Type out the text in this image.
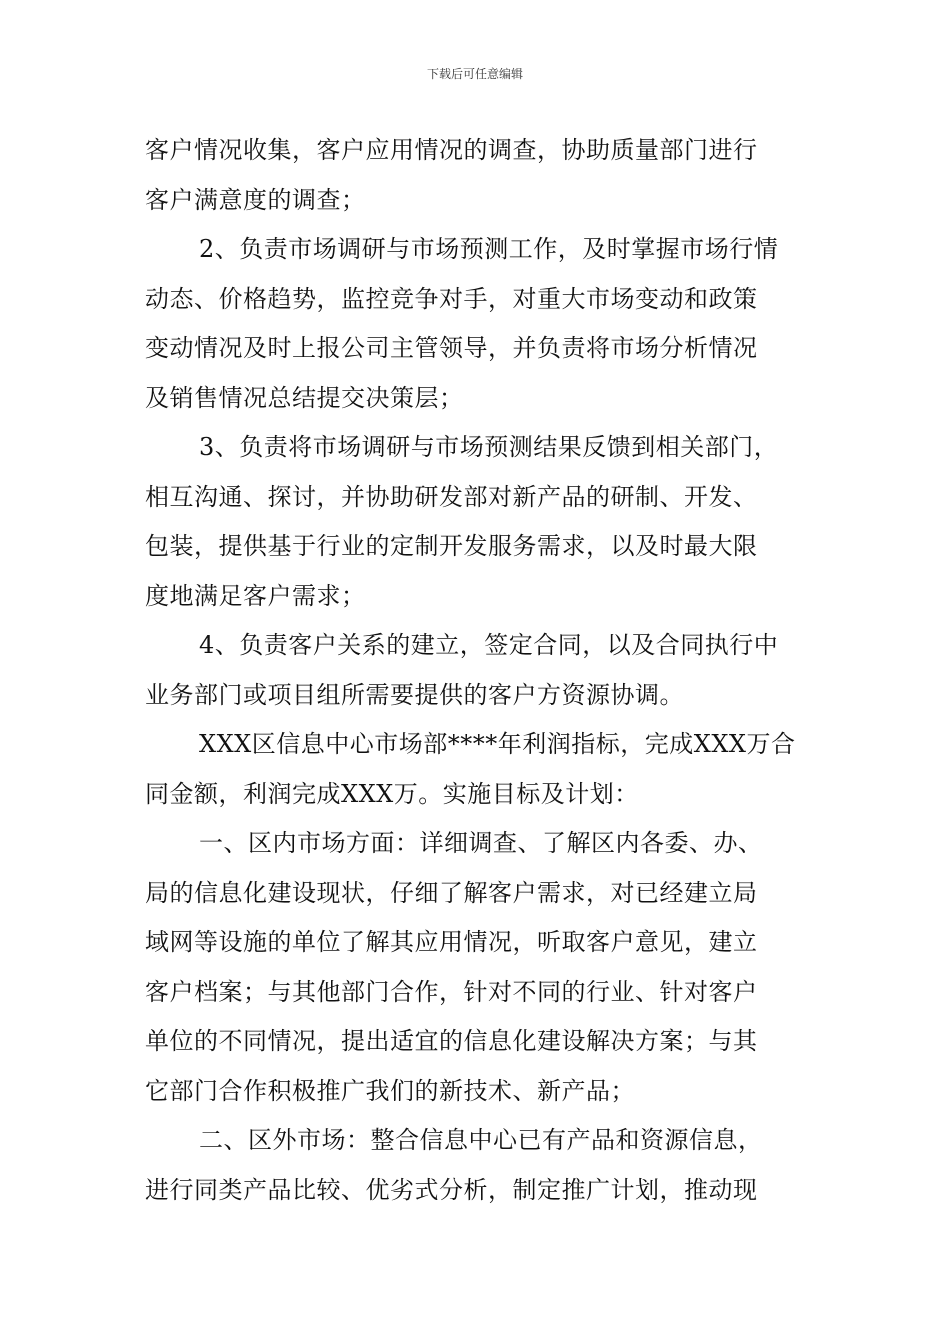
下载后可任意编辑
客户情况收集，客户应用情况的调查，协助质量部门进行
客户满意度的调查；
2、负责市场调研与市场预测工作，及时掌握市场行情
动态、价格趋势，监控竞争对手，对重大市场变动和政策
变动情况及时上报公司主管领导，并负责将市场分析情况
及销售情况总结提交决策层；
3、负责将市场调研与市场预测结果反馈到相关部门，
相互沟通、探讨，并协助研发部对新产品的研制、开发、
包装，提供基于行业的定制开发服务需求，以及时最大限
度地满足客户需求；
4、负责客户关系的建立，签定合同，以及合同执行中
业务部门或项目组所需要提供的客户方资源协调。
XXX区信息中心市场部****年利润指标，完成XXX万合
同金额，利润完成XXX万。实施目标及计划：
一、区内市场方面：详细调查、了解区内各委、办、
局的信息化建设现状，仔细了解客户需求，对已经建立局
域网等设施的单位了解其应用情况，听取客户意见，建立
客户档案；与其他部门合作，针对不同的行业、针对客户
单位的不同情况，提出适宜的信息化建设解决方案；与其
它部门合作积极推广我们的新技术、新产品；
二、区外市场：整合信息中心已有产品和资源信息，
进行同类产品比较、优劣式分析，制定推广计划，推动现
